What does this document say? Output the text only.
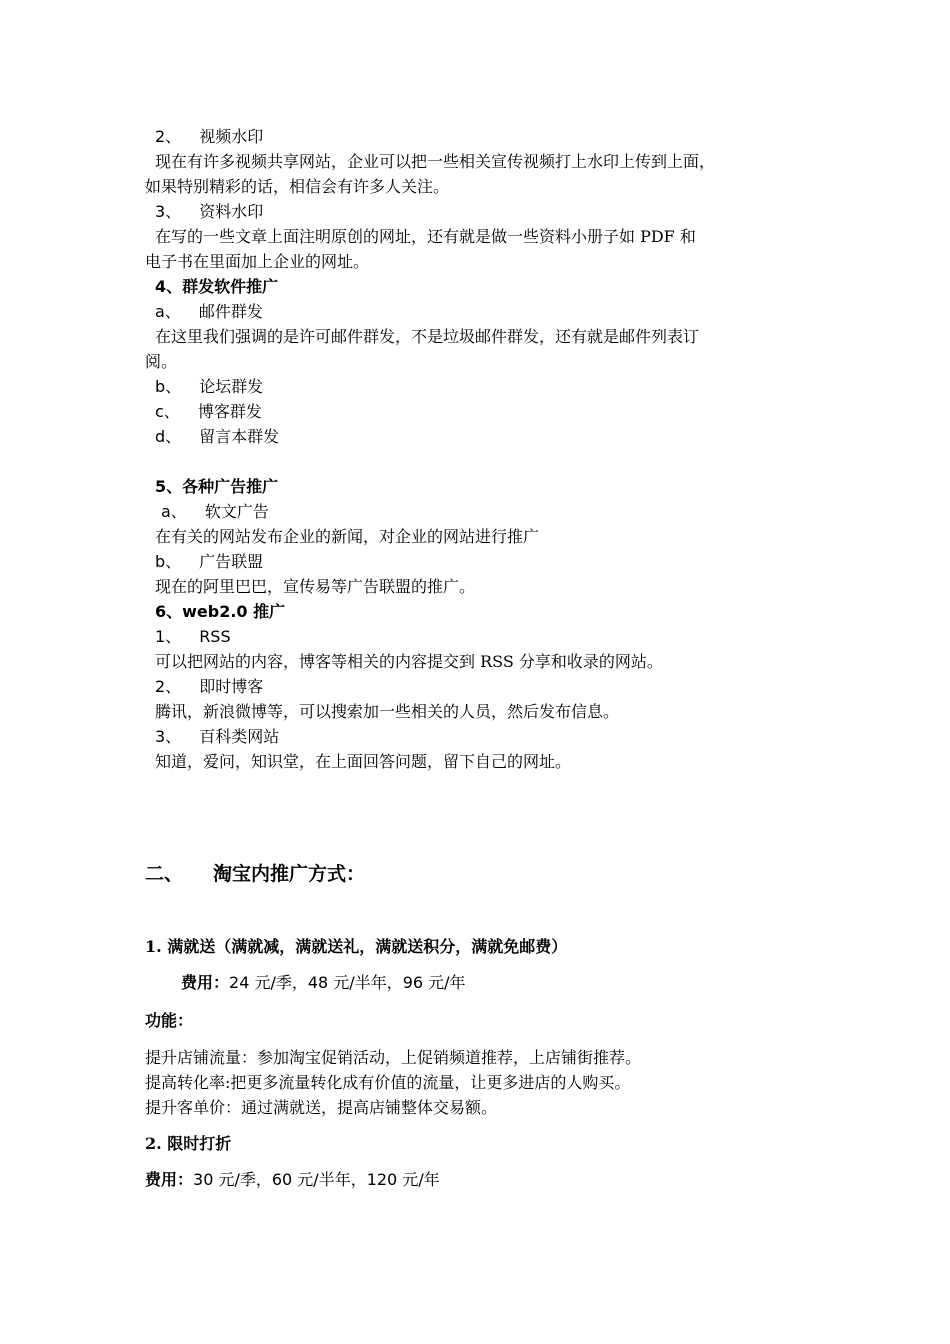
2、 视频水印
现在有许多视频共享网站，企业可以把一些相关宣传视频打上水印上传到上面，
如果特别精彩的话，相信会有许多人关注。
3、 资料水印
在写的一些文章上面注明原创的网址，还有就是做一些资料小册子如 PDF 和
电子书在里面加上企业的网址。
4、群发软件推广
a、 邮件群发
在这里我们强调的是许可邮件群发，不是垃圾邮件群发，还有就是邮件列表订
阅。
b、 论坛群发
c、 博客群发
d、 留言本群发
5、各种广告推广
a、 软文广告
在有关的网站发布企业的新闻，对企业的网站进行推广
b、 广告联盟
现在的阿里巴巴，宣传易等广告联盟的推广。
6、web2.0 推广
1、 RSS
可以把网站的内容，博客等相关的内容提交到 RSS 分享和收录的网站。
2、 即时博客
腾讯，新浪微博等，可以搜索加一些相关的人员，然后发布信息。
3、 百科类网站
知道，爱问，知识堂，在上面回答问题，留下自己的网址。
二、 淘宝内推广方式：
1. 满就送（满就减，满就送礼，满就送积分，满就免邮费）
费用：24 元/季，48 元/半年，96 元/年
功能：
提升店铺流量：参加淘宝促销活动，上促销频道推荐，上店铺街推荐。
提高转化率:把更多流量转化成有价值的流量，让更多进店的人购买。
提升客单价：通过满就送，提高店铺整体交易额。
2. 限时打折
费用：30 元/季，60 元/半年，120 元/年
